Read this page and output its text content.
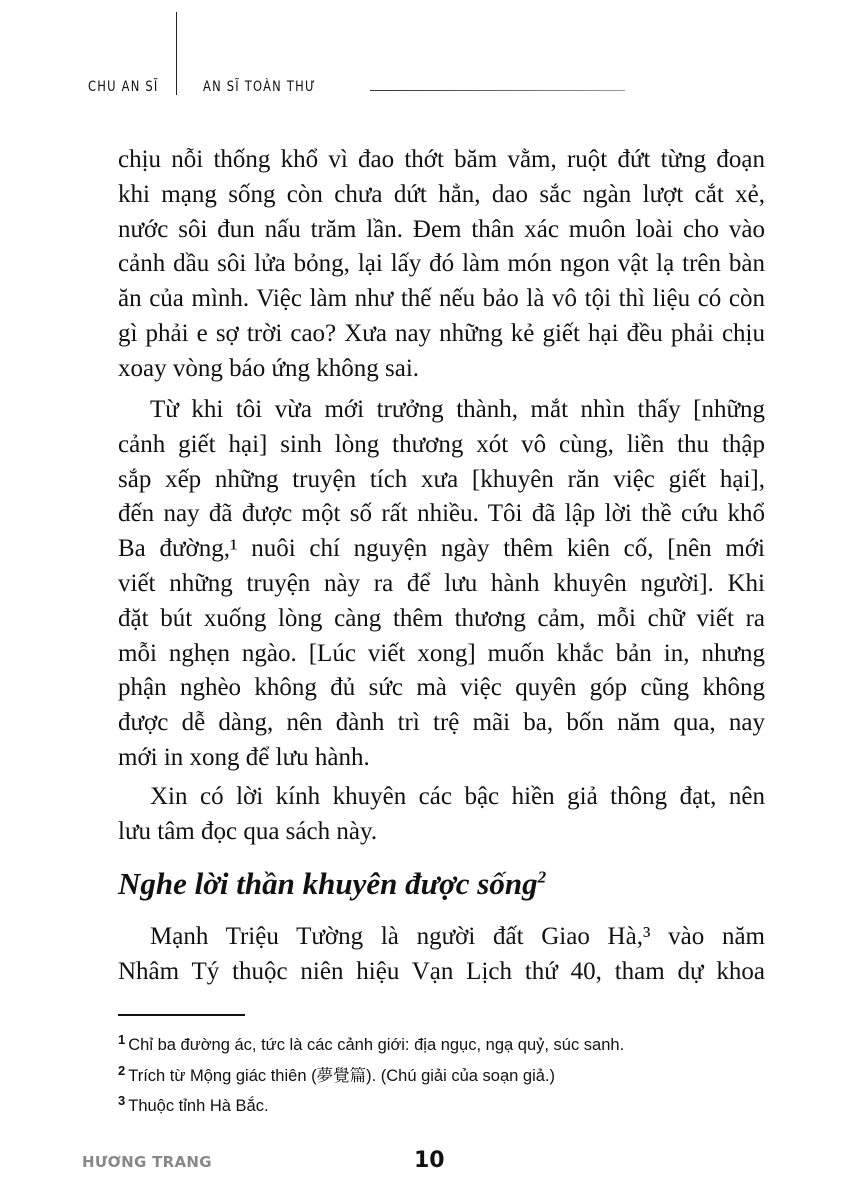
CHU AN SĨ	AN SĨ TOÀN THƯ
chịu nỗi thống khổ vì đao thớt băm vằm, ruột đứt từng đoạn
khi mạng sống còn chưa dứt hẳn, dao sắc ngàn lượt cắt xẻ,
nước sôi đun nấu trăm lần. Đem thân xác muôn loài cho vào
cảnh dầu sôi lửa bỏng, lại lấy đó làm món ngon vật lạ trên bàn
ăn của mình. Việc làm như thế nếu bảo là vô tội thì liệu có còn
gì phải e sợ trời cao? Xưa nay những kẻ giết hại đều phải chịu
xoay vòng báo ứng không sai.
Từ khi tôi vừa mới trưởng thành, mắt nhìn thấy [những
cảnh giết hại] sinh lòng thương xót vô cùng, liền thu thập
sắp xếp những truyện tích xưa [khuyên răn việc giết hại],
đến nay đã được một số rất nhiều. Tôi đã lập lời thề cứu khổ
Ba đường,¹ nuôi chí nguyện ngày thêm kiên cố, [nên mới
viết những truyện này ra để lưu hành khuyên người]. Khi
đặt bút xuống lòng càng thêm thương cảm, mỗi chữ viết ra
mỗi nghẹn ngào. [Lúc viết xong] muốn khắc bản in, nhưng
phận nghèo không đủ sức mà việc quyên góp cũng không
được dễ dàng, nên đành trì trệ mãi ba, bốn năm qua, nay
mới in xong để lưu hành.
Xin có lời kính khuyên các bậc hiền giả thông đạt, nên
lưu tâm đọc qua sách này.
Mạnh Triệu Tường là người đất Giao Hà,³ vào năm
Nhâm Tý thuộc niên hiệu Vạn Lịch thứ 40, tham dự khoa
Nghe lời thần khuyên được sống$^2$
$^1$ Chỉ ba đường ác, tức là các cảnh giới: địa ngục, ngạ quỷ, súc sanh.
$^2$ Trích từ Mộng giác thiên (夢覺篇). (Chú giải của soạn giả.)
$^3$ Thuộc tỉnh Hà Bắc.
HƯƠNG TRANG	10
